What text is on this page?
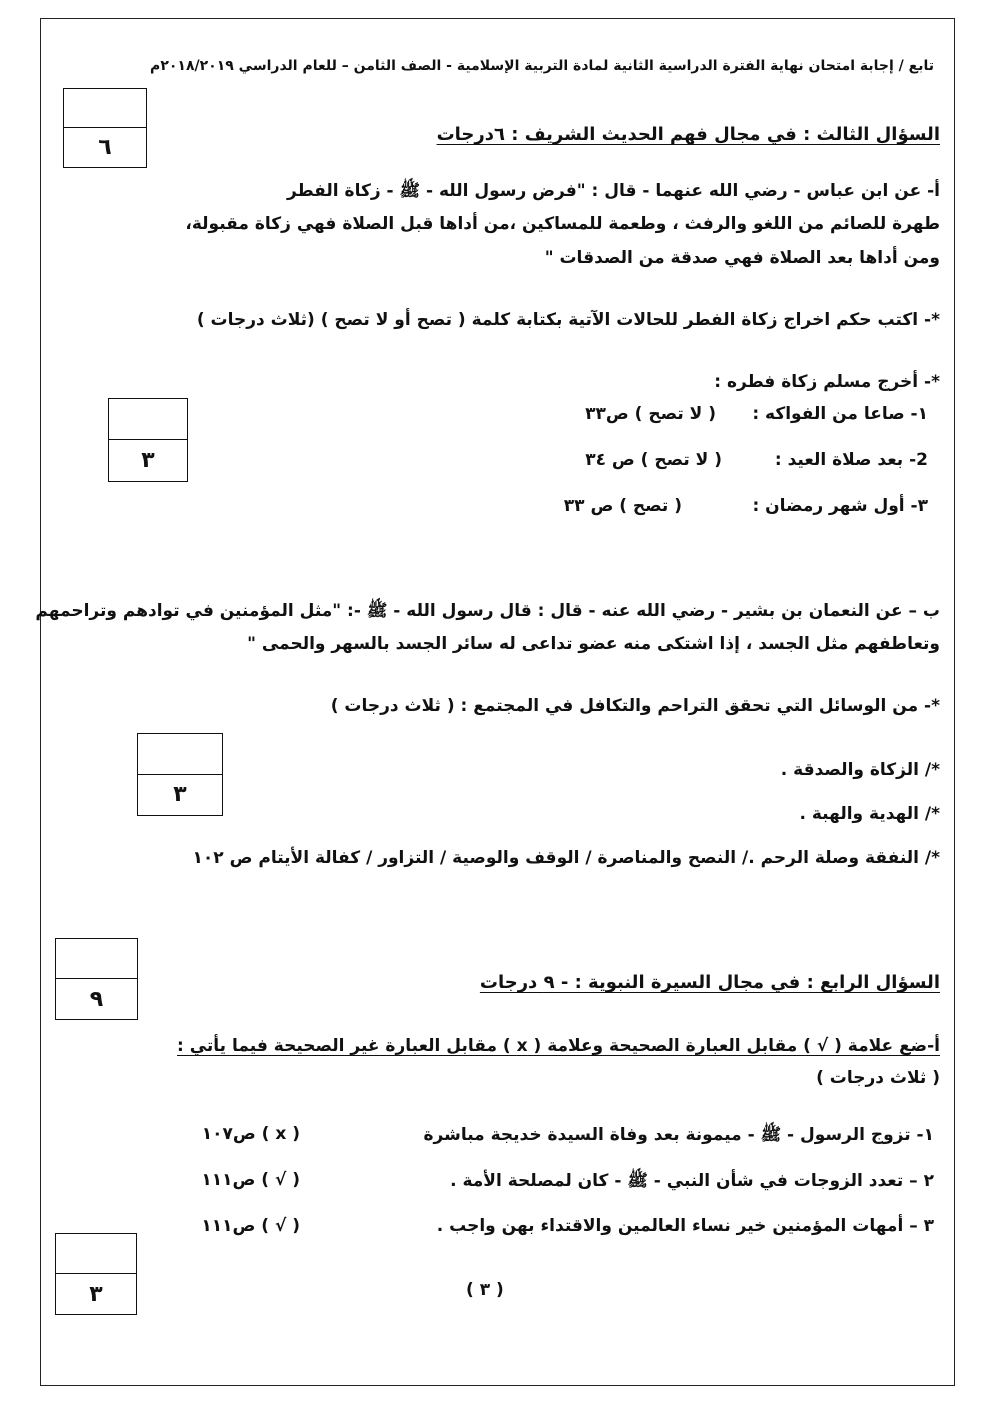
تابع / إجابة امتحان نهاية الفترة الدراسية الثانية لمادة التربية الإسلامية - الصف الثامن – للعام الدراسي ٢٠١٨/٢٠١٩م
٦
السؤال الثالث : في مجال فهم الحديث الشريف : ٦درجات
أ- عن ابن عباس - رضي الله عنهما - قال : "فرض رسول الله - ﷺ - زكاة الفطر
طهرة للصائم من اللغو والرفث ، وطعمة للمساكين ،من أداها قبل الصلاة فهي زكاة مقبولة،
ومن أداها بعد الصلاة فهي صدقة من الصدقات "
*- اكتب حكم اخراج زكاة الفطر للحالات الآتية بكتابة كلمة ( تصح أو لا تصح ) (ثلاث درجات )
*- أخرج مسلم زكاة فطره :
١- صاعا من الفواكه :
( لا تصح ) ص٣٣
2- بعد صلاة العيد :
( لا تصح ) ص ٣٤
٣- أول شهر رمضان :
( تصح ) ص ٣٣
٣
ب – عن النعمان بن بشير - رضي الله عنه - قال : قال رسول الله - ﷺ -: "مثل المؤمنين في توادهم وتراحمهم
وتعاطفهم مثل الجسد ، إذا اشتكى منه عضو تداعى له سائر الجسد بالسهر والحمى "
*- من الوسائل التي تحقق التراحم والتكافل في المجتمع : ( ثلاث درجات )
٣
*/ الزكاة والصدقة .
*/ الهدية والهبة .
*/ النفقة وصلة الرحم ./ النصح والمناصرة / الوقف والوصية / التزاور / كفالة الأيتام ص ١٠٢
٩
السؤال الرابع : في مجال السيرة النبوية : - ٩ درجات
أ-ضع علامة ( √ ) مقابل العبارة الصحيحة وعلامة ( x ) مقابل العبارة غير الصحيحة فيما يأتي :
( ثلاث درجات )
١- تزوج الرسول - ﷺ - ميمونة بعد وفاة السيدة خديجة مباشرة
( x ) ص١٠٧
٢ – تعدد الزوجات في شأن النبي - ﷺ - كان لمصلحة الأمة .
( √ ) ص١١١
٣ – أمهات المؤمنين خير نساء العالمين والاقتداء بهن واجب .
( √ ) ص١١١
٣	( ٣ )
